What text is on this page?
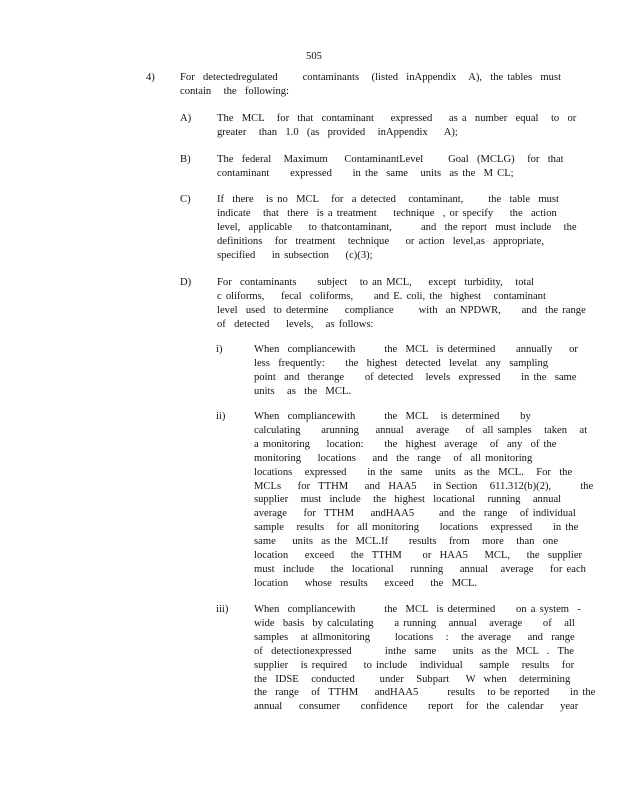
505
4) For  detectedregulated      contaminants   (listed  inAppendix   A),  the tables  must
contain   the  following:
A) The  MCL   for  that  contaminant    expressed    as a  number  equal   to  or
greater   than  1.0  (as  provided   inAppendix    A);
B) The  federal   Maximum    ContaminantLevel      Goal  (MCLG)   for  that
contaminant     expressed     in the  same   units  as the  M CL;
C) If  there   is no  MCL   for  a detected   contaminant,      the  table  must
indicate   that  there  is a treatment    technique  , or specify    the  action
level,  applicable    to thatcontaminant,       and  the report  must include   the
definitions   for  treatment   technique    or action  level,as  appropriate,
specified    in subsection    (c)(3);
D) For  contaminants     subject   to an MCL,    except  turbidity,   total
c oliforms,    fecal  coliforms,     and E. coli, the  highest   contaminant
level  used  to determine    compliance      with  an NPDWR,     and  the range
of  detected    levels,   as follows:
i)	When  compliancewith       the  MCL  is determined     annually    or
less  frequently:     the  highest  detected  levelat  any  sampling
point  and  therange     of detected   levels  expressed     in the  same
units   as  the  MCL.
ii)	When  compliancewith       the  MCL   is determined     by
calculating     arunning    annual   average    of  all samples   taken   at
a monitoring    location:     the  highest  average   of  any  of the
monitoring    locations    and  the  range   of  all monitoring
locations   expressed     in the  same   units  as the  MCL.   For  the
MCLs    for  TTHM    and  HAA5    in Section   611.312(b)(2),       the
supplier   must  include   the  highest  locational   running   annual
average    for  TTHM    andHAA5      and  the  range   of individual
sample   results   for  all monitoring     locations   expressed     in the
same    units  as the  MCL.If     results   from   more   than  one
location    exceed    the  TTHM     or  HAA5    MCL,    the  supplier
must  include    the  locational    running    annual   average    for each
location    whose  results    exceed    the  MCL.
iii) When  compliancewith       the  MCL  is determined     on a system  -
wide  basis  by calculating     a running   annual   average     of   all
samples   at allmonitoring      locations   :   the average    and  range
of  detectionexpressed        inthe  same    units  as the  MCL  .  The
supplier   is required    to include   individual    sample   results   for
the  IDSE   conducted      under   Subpart    W  when   determining
the  range   of  TTHM    andHAA5       results   to be reported     in the
annual    consumer     confidence     report   for  the  calendar    year
